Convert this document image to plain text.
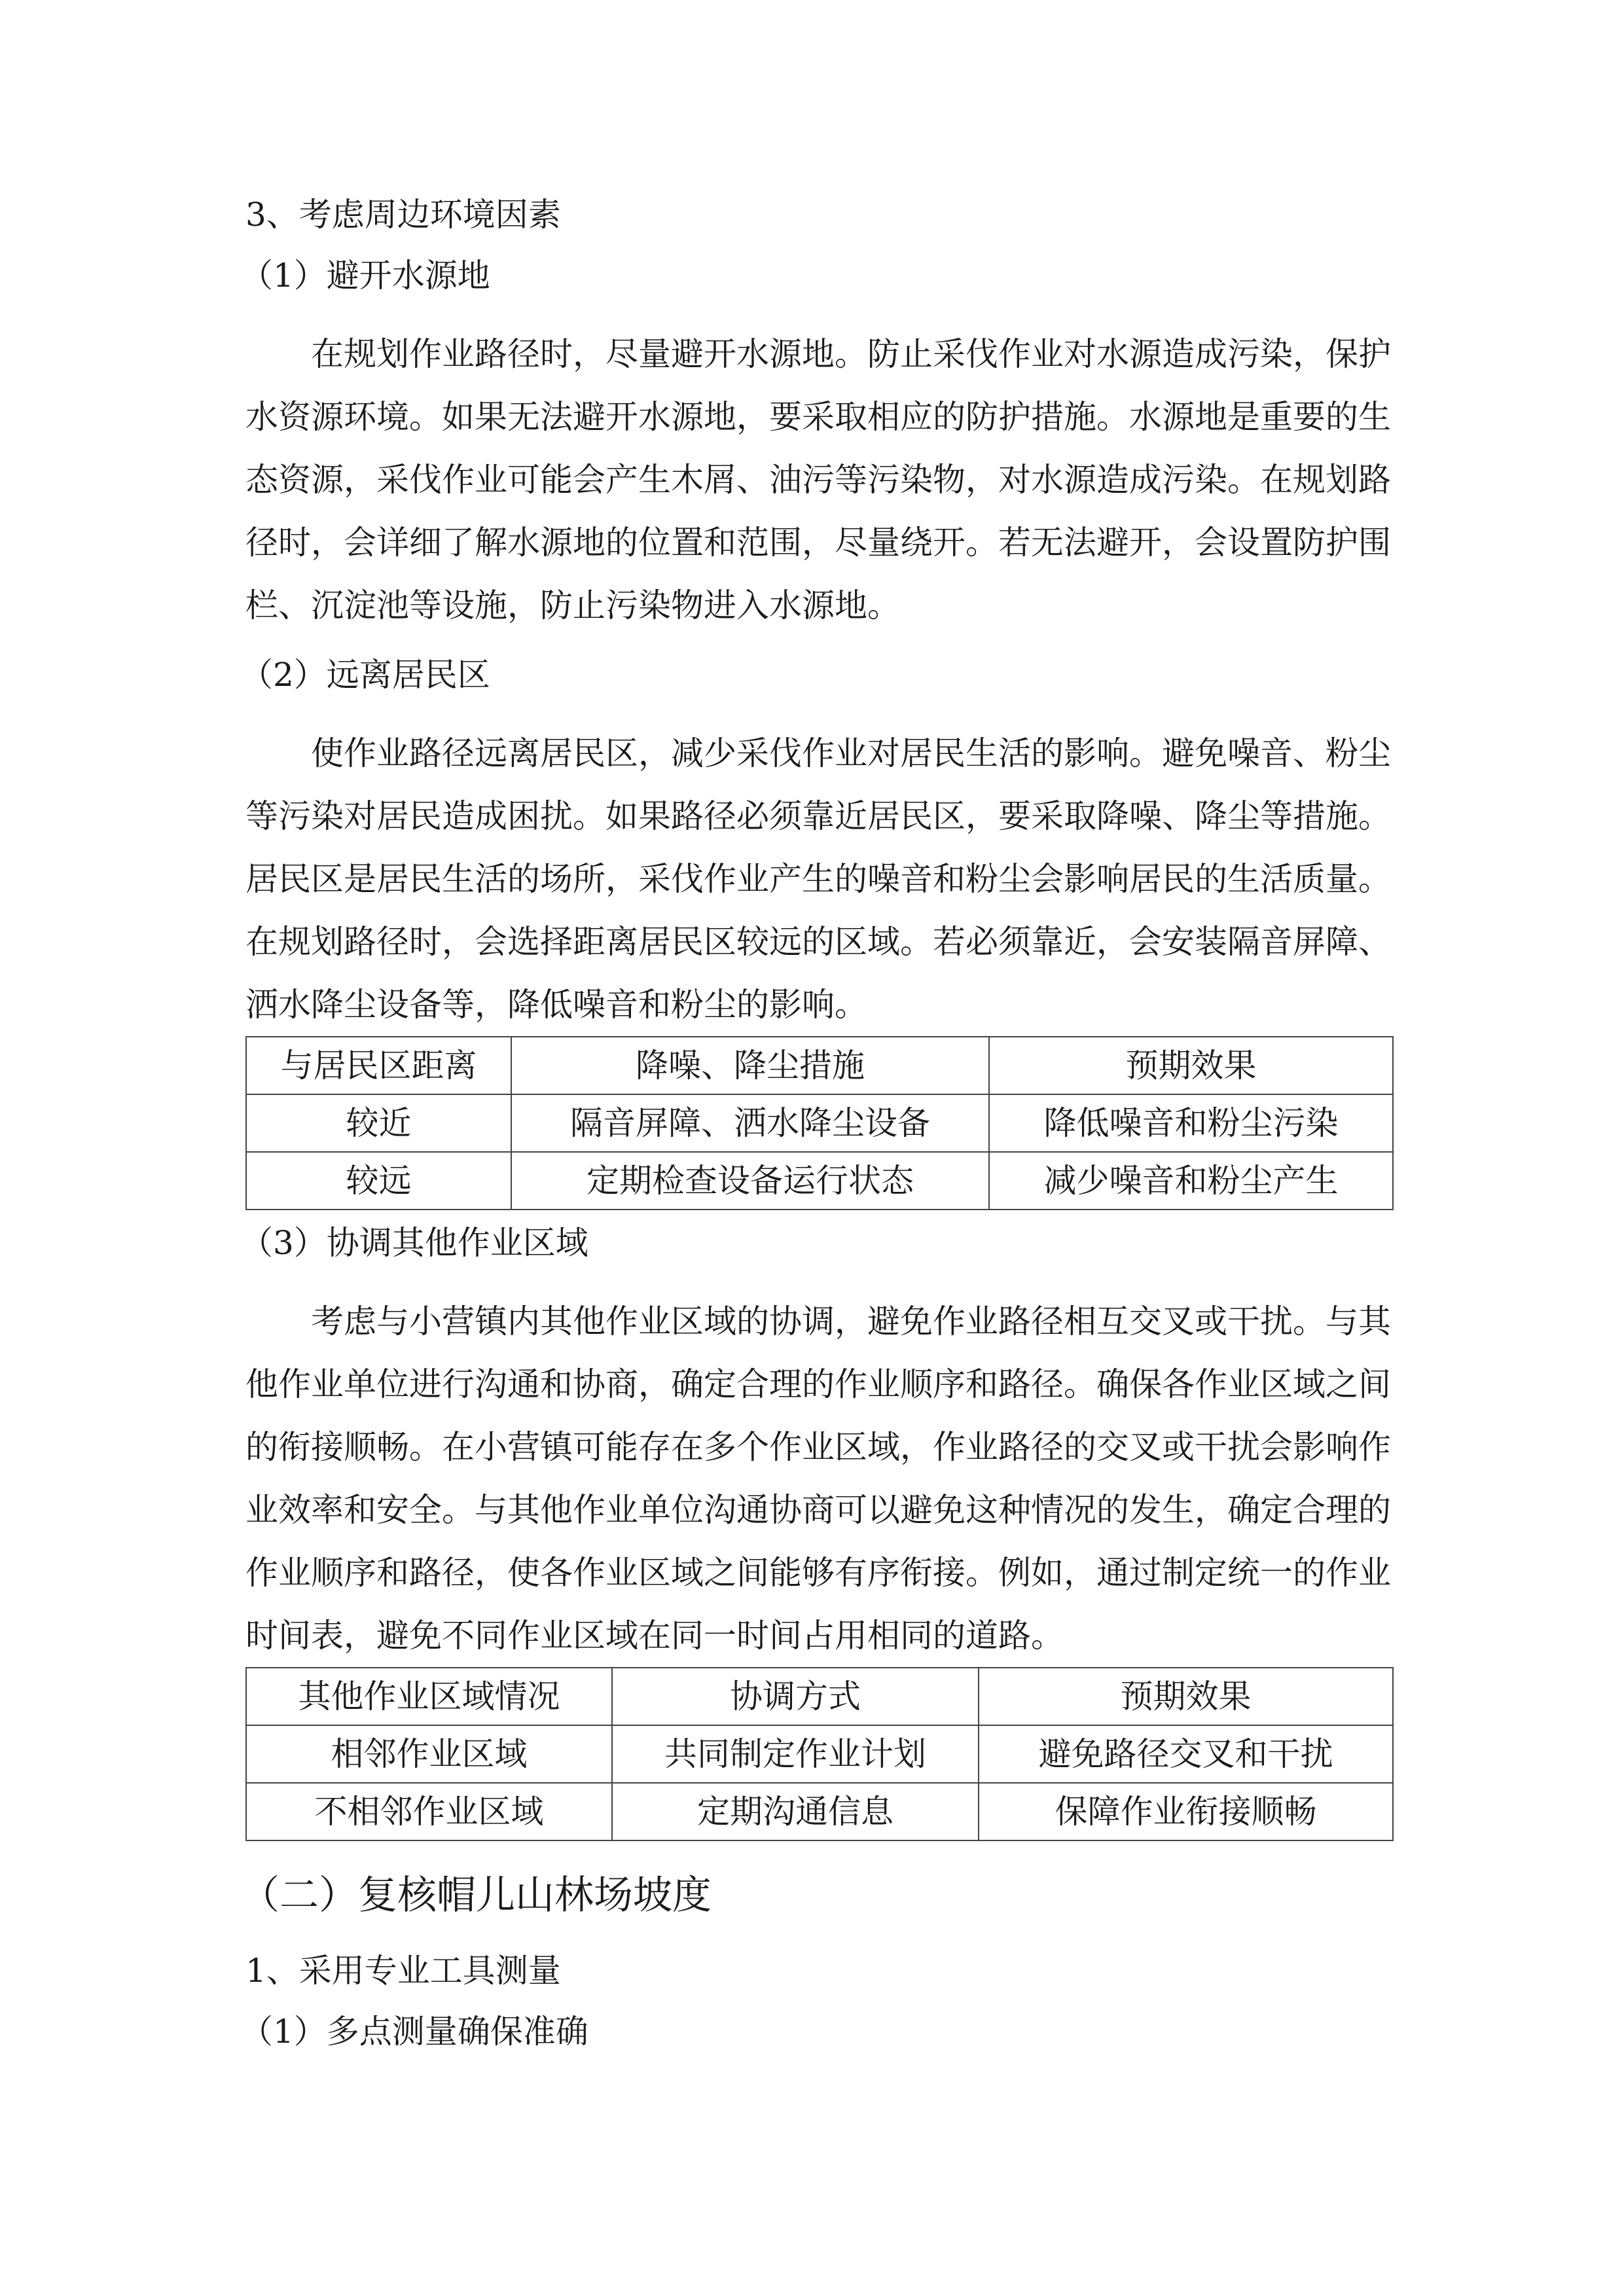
3、考虑周边环境因素

（1）避开水源地

在规划作业路径时，尽量避开水源地。防止采伐作业对水源造成污染，保护水资源环境。如果无法避开水源地，要采取相应的防护措施。水源地是重要的生态资源，采伐作业可能会产生木屑、油污等污染物，对水源造成污染。在规划路径时，会详细了解水源地的位置和范围，尽量绕开。若无法避开，会设置防护围栏、沉淀池等设施，防止污染物进入水源地。

（2）远离居民区

使作业路径远离居民区，减少采伐作业对居民生活的影响。避免噪音、粉尘等污染对居民造成困扰。如果路径必须靠近居民区，要采取降噪、降尘等措施。居民区是居民生活的场所，采伐作业产生的噪音和粉尘会影响居民的生活质量。在规划路径时，会选择距离居民区较远的区域。若必须靠近，会安装隔音屏障、洒水降尘设备等，降低噪音和粉尘的影响。

与居民区距离	降噪、降尘措施	预期效果
较近	隔音屏障、洒水降尘设备	降低噪音和粉尘污染
较远	定期检查设备运行状态	减少噪音和粉尘产生

（3）协调其他作业区域

考虑与小营镇内其他作业区域的协调，避免作业路径相互交叉或干扰。与其他作业单位进行沟通和协商，确定合理的作业顺序和路径。确保各作业区域之间的衔接顺畅。在小营镇可能存在多个作业区域，作业路径的交叉或干扰会影响作业效率和安全。与其他作业单位沟通协商可以避免这种情况的发生，确定合理的作业顺序和路径，使各作业区域之间能够有序衔接。例如，通过制定统一的作业时间表，避免不同作业区域在同一时间占用相同的道路。

其他作业区域情况	协调方式	预期效果
相邻作业区域	共同制定作业计划	避免路径交叉和干扰
不相邻作业区域	定期沟通信息	保障作业衔接顺畅

（二）复核帽儿山林场坡度

1、采用专业工具测量

（1）多点测量确保准确
